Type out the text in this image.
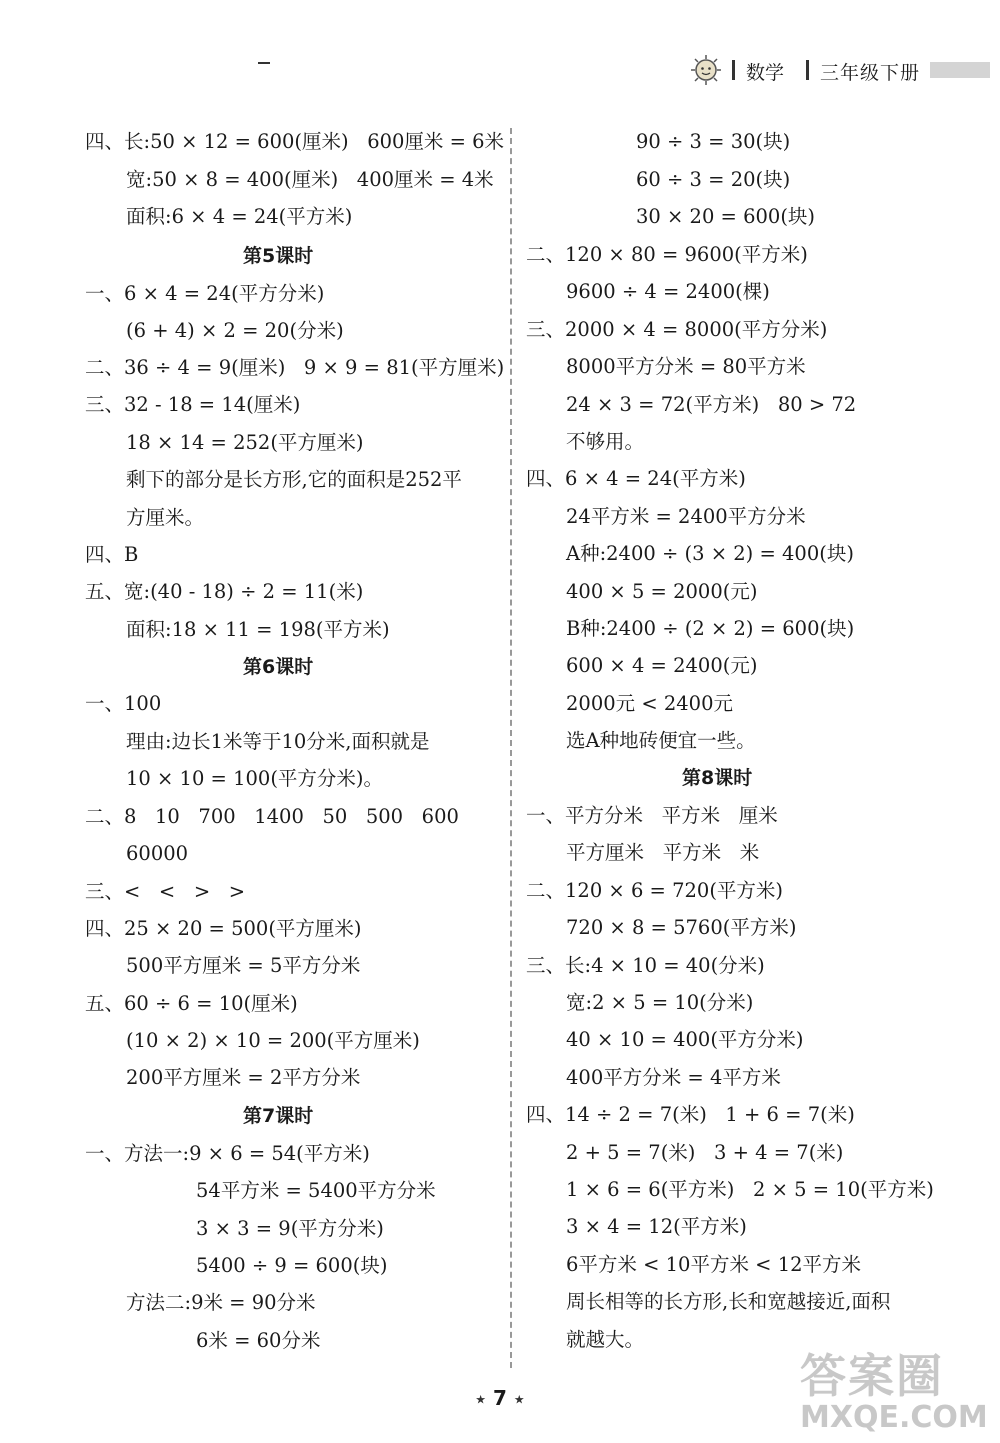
数学 三年级下册
四、长:50 × 12 = 600(厘米)   600厘米 = 6米
宽:50 × 8 = 400(厘米)   400厘米 = 4米
面积:6 × 4 = 24(平方米)
第5课时
一、6 × 4 = 24(平方分米)
(6 + 4) × 2 = 20(分米)
二、36 ÷ 4 = 9(厘米)   9 × 9 = 81(平方厘米)
三、32 - 18 = 14(厘米)
18 × 14 = 252(平方厘米)
剩下的部分是长方形,它的面积是252平
方厘米。
四、B
五、宽:(40 - 18) ÷ 2 = 11(米)
面积:18 × 11 = 198(平方米)
第6课时
一、100
理由:边长1米等于10分米,面积就是
10 × 10 = 100(平方分米)。
二、8   10   700   1400   50   500   600
60000
三、<   <   >   >
四、25 × 20 = 500(平方厘米)
500平方厘米 = 5平方分米
五、60 ÷ 6 = 10(厘米)
(10 × 2) × 10 = 200(平方厘米)
200平方厘米 = 2平方分米
第7课时
一、方法一:9 × 6 = 54(平方米)
54平方米 = 5400平方分米
3 × 3 = 9(平方分米)
5400 ÷ 9 = 600(块)
方法二:9米 = 90分米
6米 = 60分米
90 ÷ 3 = 30(块)
60 ÷ 3 = 20(块)
30 × 20 = 600(块)
二、120 × 80 = 9600(平方米)
9600 ÷ 4 = 2400(棵)
三、2000 × 4 = 8000(平方分米)
8000平方分米 = 80平方米
24 × 3 = 72(平方米)   80 > 72
不够用。
四、6 × 4 = 24(平方米)
24平方米 = 2400平方分米
A种:2400 ÷ (3 × 2) = 400(块)
400 × 5 = 2000(元)
B种:2400 ÷ (2 × 2) = 600(块)
600 × 4 = 2400(元)
2000元 < 2400元
选A种地砖便宜一些。
第8课时
一、平方分米   平方米   厘米
平方厘米   平方米   米
二、120 × 6 = 720(平方米)
720 × 8 = 5760(平方米)
三、长:4 × 10 = 40(分米)
宽:2 × 5 = 10(分米)
40 × 10 = 400(平方分米)
400平方分米 = 4平方米
四、14 ÷ 2 = 7(米)   1 + 6 = 7(米)
2 + 5 = 7(米)   3 + 4 = 7(米)
1 × 6 = 6(平方米)   2 × 5 = 10(平方米)
3 × 4 = 12(平方米)
6平方米 < 10平方米 < 12平方米
周长相等的长方形,长和宽越接近,面积
就越大。
★ 7 ★	答案圈
MXQE.COM
